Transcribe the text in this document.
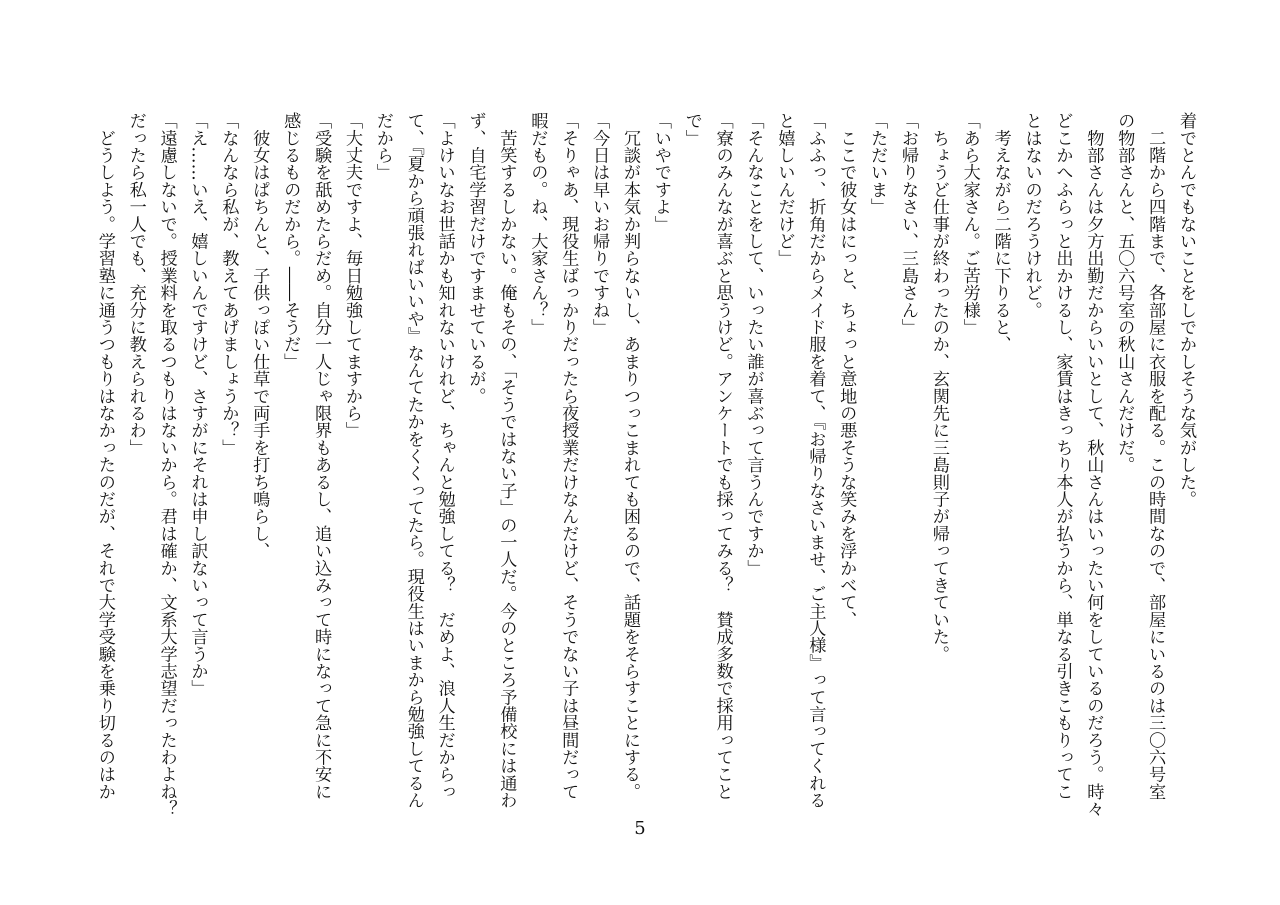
着でとんでもないことをしでかしそうな気がした。
　二階から四階まで、各部屋に衣服を配る。この時間なので、部屋にいるのは三〇六号室
の物部さんと、五〇六号室の秋山さんだけだ。
　物部さんは夕方出勤だからいいとして、秋山さんはいったい何をしているのだろう。時々
どこかへふらっと出かけるし、家賃はきっちり本人が払うから、単なる引きこもりってこ
とはないのだろうけれど。
　考えながら二階に下りると、
「あら大家さん。ご苦労様」
　ちょうど仕事が終わったのか、玄関先に三島則子が帰ってきていた。
「お帰りなさい、三島さん」
「ただいま」
　ここで彼女はにっと、ちょっと意地の悪そうな笑みを浮かべて、
「ふふっ、折角だからメイド服を着て、『お帰りなさいませ、ご主人様』って言ってくれる
と嬉しいんだけど」
「そんなことをして、いったい誰が喜ぶって言うんですか」
「寮のみんなが喜ぶと思うけど。アンケートでも採ってみる？　賛成多数で採用ってこと
で」
「いやですよ」
　冗談が本気か判らないし、あまりつっこまれても困るので、話題をそらすことにする。
「今日は早いお帰りですね」
「そりゃあ、現役生ばっかりだったら夜授業だけなんだけど、そうでない子は昼間だって
暇だもの。ね、大家さん？」
　苦笑するしかない。俺もその、「そうではない子」の一人だ。今のところ予備校には通わ
ず、自宅学習だけですませているが。
「よけいなお世話かも知れないけれど、ちゃんと勉強してる？　だめよ、浪人生だからっ
て、『夏から頑張ればいいや』なんてたかをくくってたら。現役生はいまから勉強してるん
だから」
「大丈夫ですよ、毎日勉強してますから」
「受験を舐めたらだめ。自分一人じゃ限界もあるし、追い込みって時になって急に不安に
感じるものだから。――そうだ」
　彼女はぱちんと、子供っぽい仕草で両手を打ち鳴らし、
「なんなら私が、教えてあげましょうか？」
「え……いえ、嬉しいんですけど、さすがにそれは申し訳ないって言うか」
「遠慮しないで。授業料を取るつもりはないから。君は確か、文系大学志望だったわよね？
だったら私一人でも、充分に教えられるわ」
　どうしよう。学習塾に通うつもりはなかったのだが、それで大学受験を乗り切るのはか
5
